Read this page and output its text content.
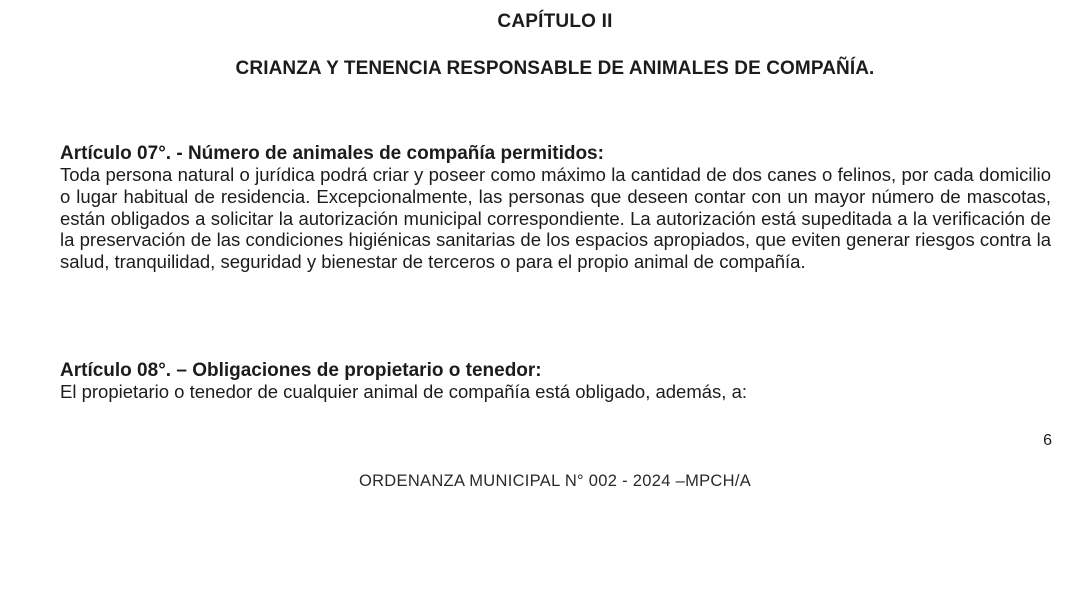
CAPÍTULO II
CRIANZA Y TENENCIA RESPONSABLE DE ANIMALES DE COMPAÑÍA.

Artículo 07°. - Número de animales de compañía permitidos:

Toda persona natural o jurídica podrá criar y poseer como máximo la cantidad de dos canes o felinos, por cada domicilio o lugar habitual de residencia. Excepcionalmente, las personas que deseen contar con un mayor número de mascotas, están obligados a solicitar la autorización municipal correspondiente. La autorización está supeditada a la verificación de la preservación de las condiciones higiénicas sanitarias de los espacios apropiados, que eviten generar riesgos contra la salud, tranquilidad, seguridad y bienestar de terceros o para el propio animal de compañía.

Artículo 08°. – Obligaciones de propietario o tenedor:

El propietario o tenedor de cualquier animal de compañía está obligado, además, a:

6
ORDENANZA MUNICIPAL N° 002 - 2024 –MPCH/A
